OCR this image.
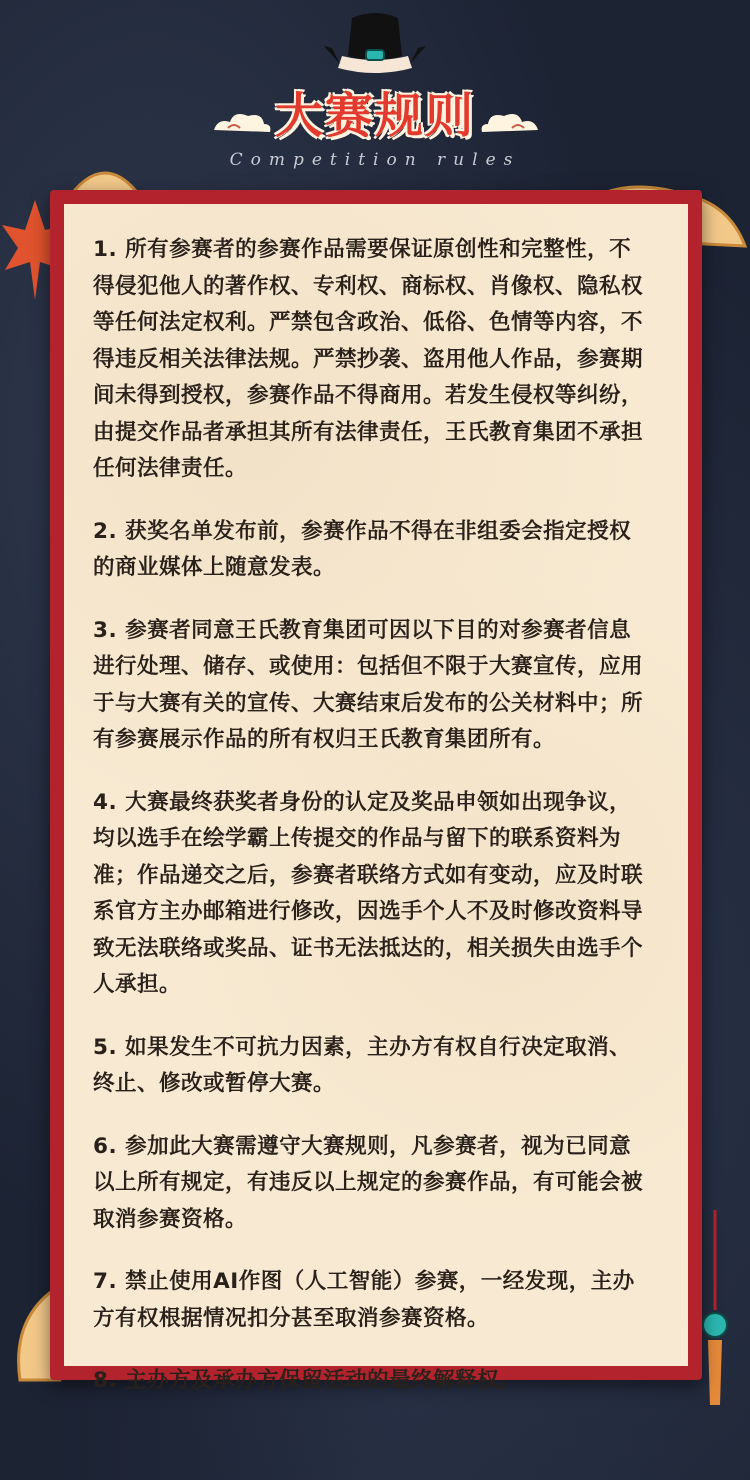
大赛规则
Competition rules

1. 所有参赛者的参赛作品需要保证原创性和完整性，不得侵犯他人的著作权、专利权、商标权、肖像权、隐私权等任何法定权利。严禁包含政治、低俗、色情等内容，不得违反相关法律法规。严禁抄袭、盗用他人作品，参赛期间未得到授权，参赛作品不得商用。若发生侵权等纠纷，由提交作品者承担其所有法律责任，王氏教育集团不承担任何法律责任。

2. 获奖名单发布前，参赛作品不得在非组委会指定授权的商业媒体上随意发表。

3. 参赛者同意王氏教育集团可因以下目的对参赛者信息进行处理、储存、或使用：包括但不限于大赛宣传，应用于与大赛有关的宣传、大赛结束后发布的公关材料中；所有参赛展示作品的所有权归王氏教育集团所有。

4. 大赛最终获奖者身份的认定及奖品申领如出现争议，均以选手在绘学霸上传提交的作品与留下的联系资料为准；作品递交之后，参赛者联络方式如有变动，应及时联系官方主办邮箱进行修改，因选手个人不及时修改资料导致无法联络或奖品、证书无法抵达的，相关损失由选手个人承担。

5. 如果发生不可抗力因素，主办方有权自行决定取消、终止、修改或暂停大赛。

6. 参加此大赛需遵守大赛规则，凡参赛者，视为已同意以上所有规定，有违反以上规定的参赛作品，有可能会被取消参赛资格。

7. 禁止使用AI作图（人工智能）参赛，一经发现，主办方有权根据情况扣分甚至取消参赛资格。

8. 主办方及承办方保留活动的最终解释权。
